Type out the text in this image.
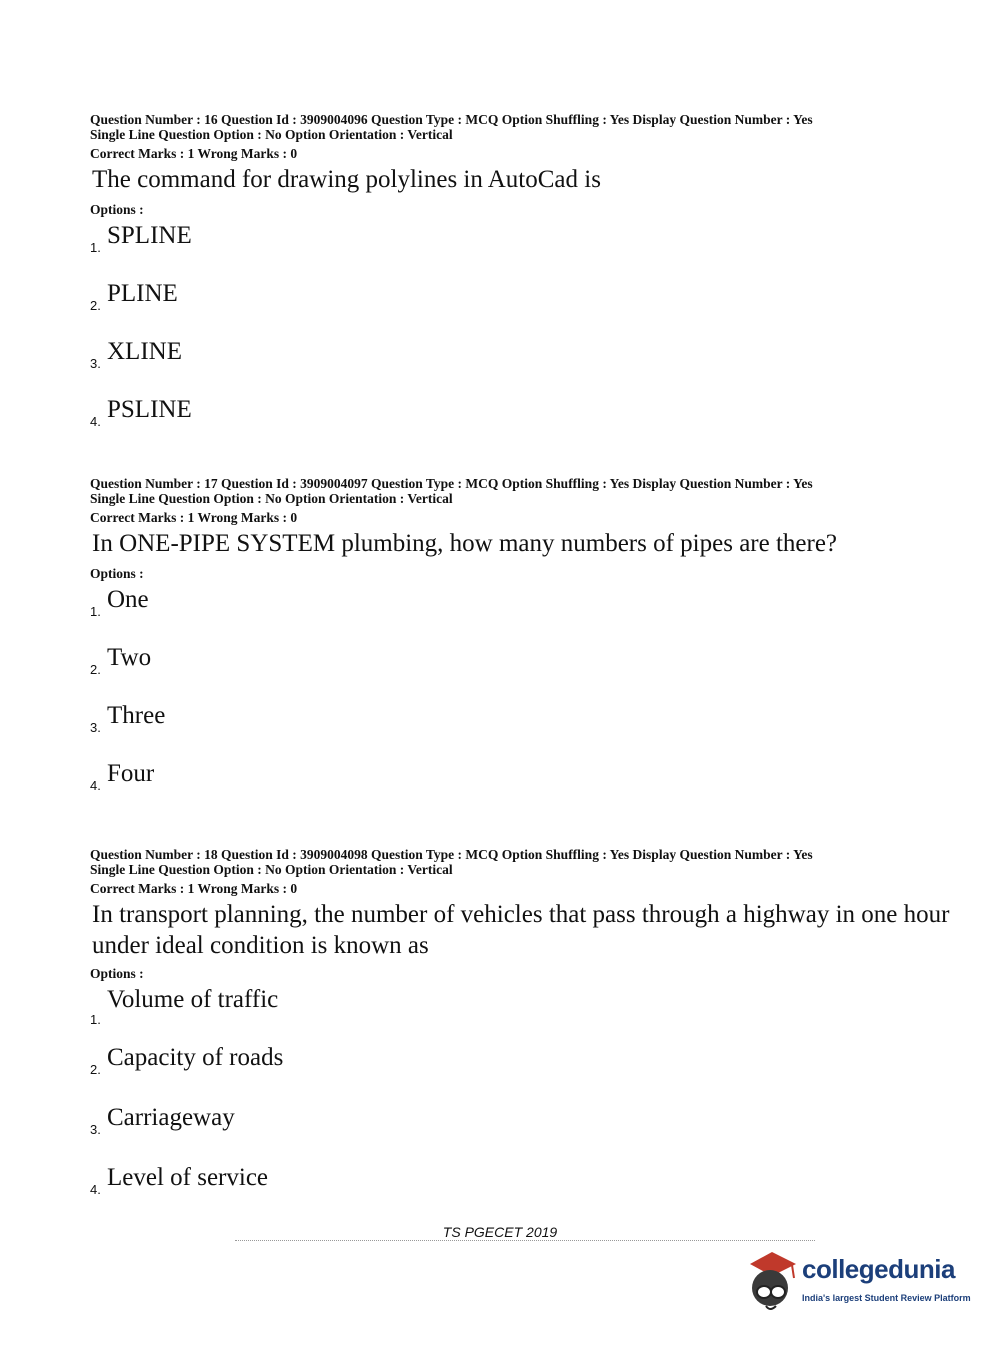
Question Number : 16 Question Id : 3909004096 Question Type : MCQ Option Shuffling : Yes Display Question Number : Yes
Single Line Question Option : No Option Orientation : Vertical
Correct Marks : 1 Wrong Marks : 0
The command for drawing polylines in AutoCad is
Options :
1. SPLINE
2. PLINE
3. XLINE
4. PSLINE
Question Number : 17 Question Id : 3909004097 Question Type : MCQ Option Shuffling : Yes Display Question Number : Yes
Single Line Question Option : No Option Orientation : Vertical
Correct Marks : 1 Wrong Marks : 0
In ONE-PIPE SYSTEM plumbing, how many numbers of pipes are there?
Options :
1. One
2. Two
3. Three
4. Four
Question Number : 18 Question Id : 3909004098 Question Type : MCQ Option Shuffling : Yes Display Question Number : Yes
Single Line Question Option : No Option Orientation : Vertical
Correct Marks : 1 Wrong Marks : 0
In transport planning, the number of vehicles that pass through a highway in one hour
under ideal condition is known as
Options :
1.
Volume of traffic
2. Capacity of roads
3. Carriageway
4. Level of service
TS PGECET 2019
collegedunia
India's largest Student Review Platform
